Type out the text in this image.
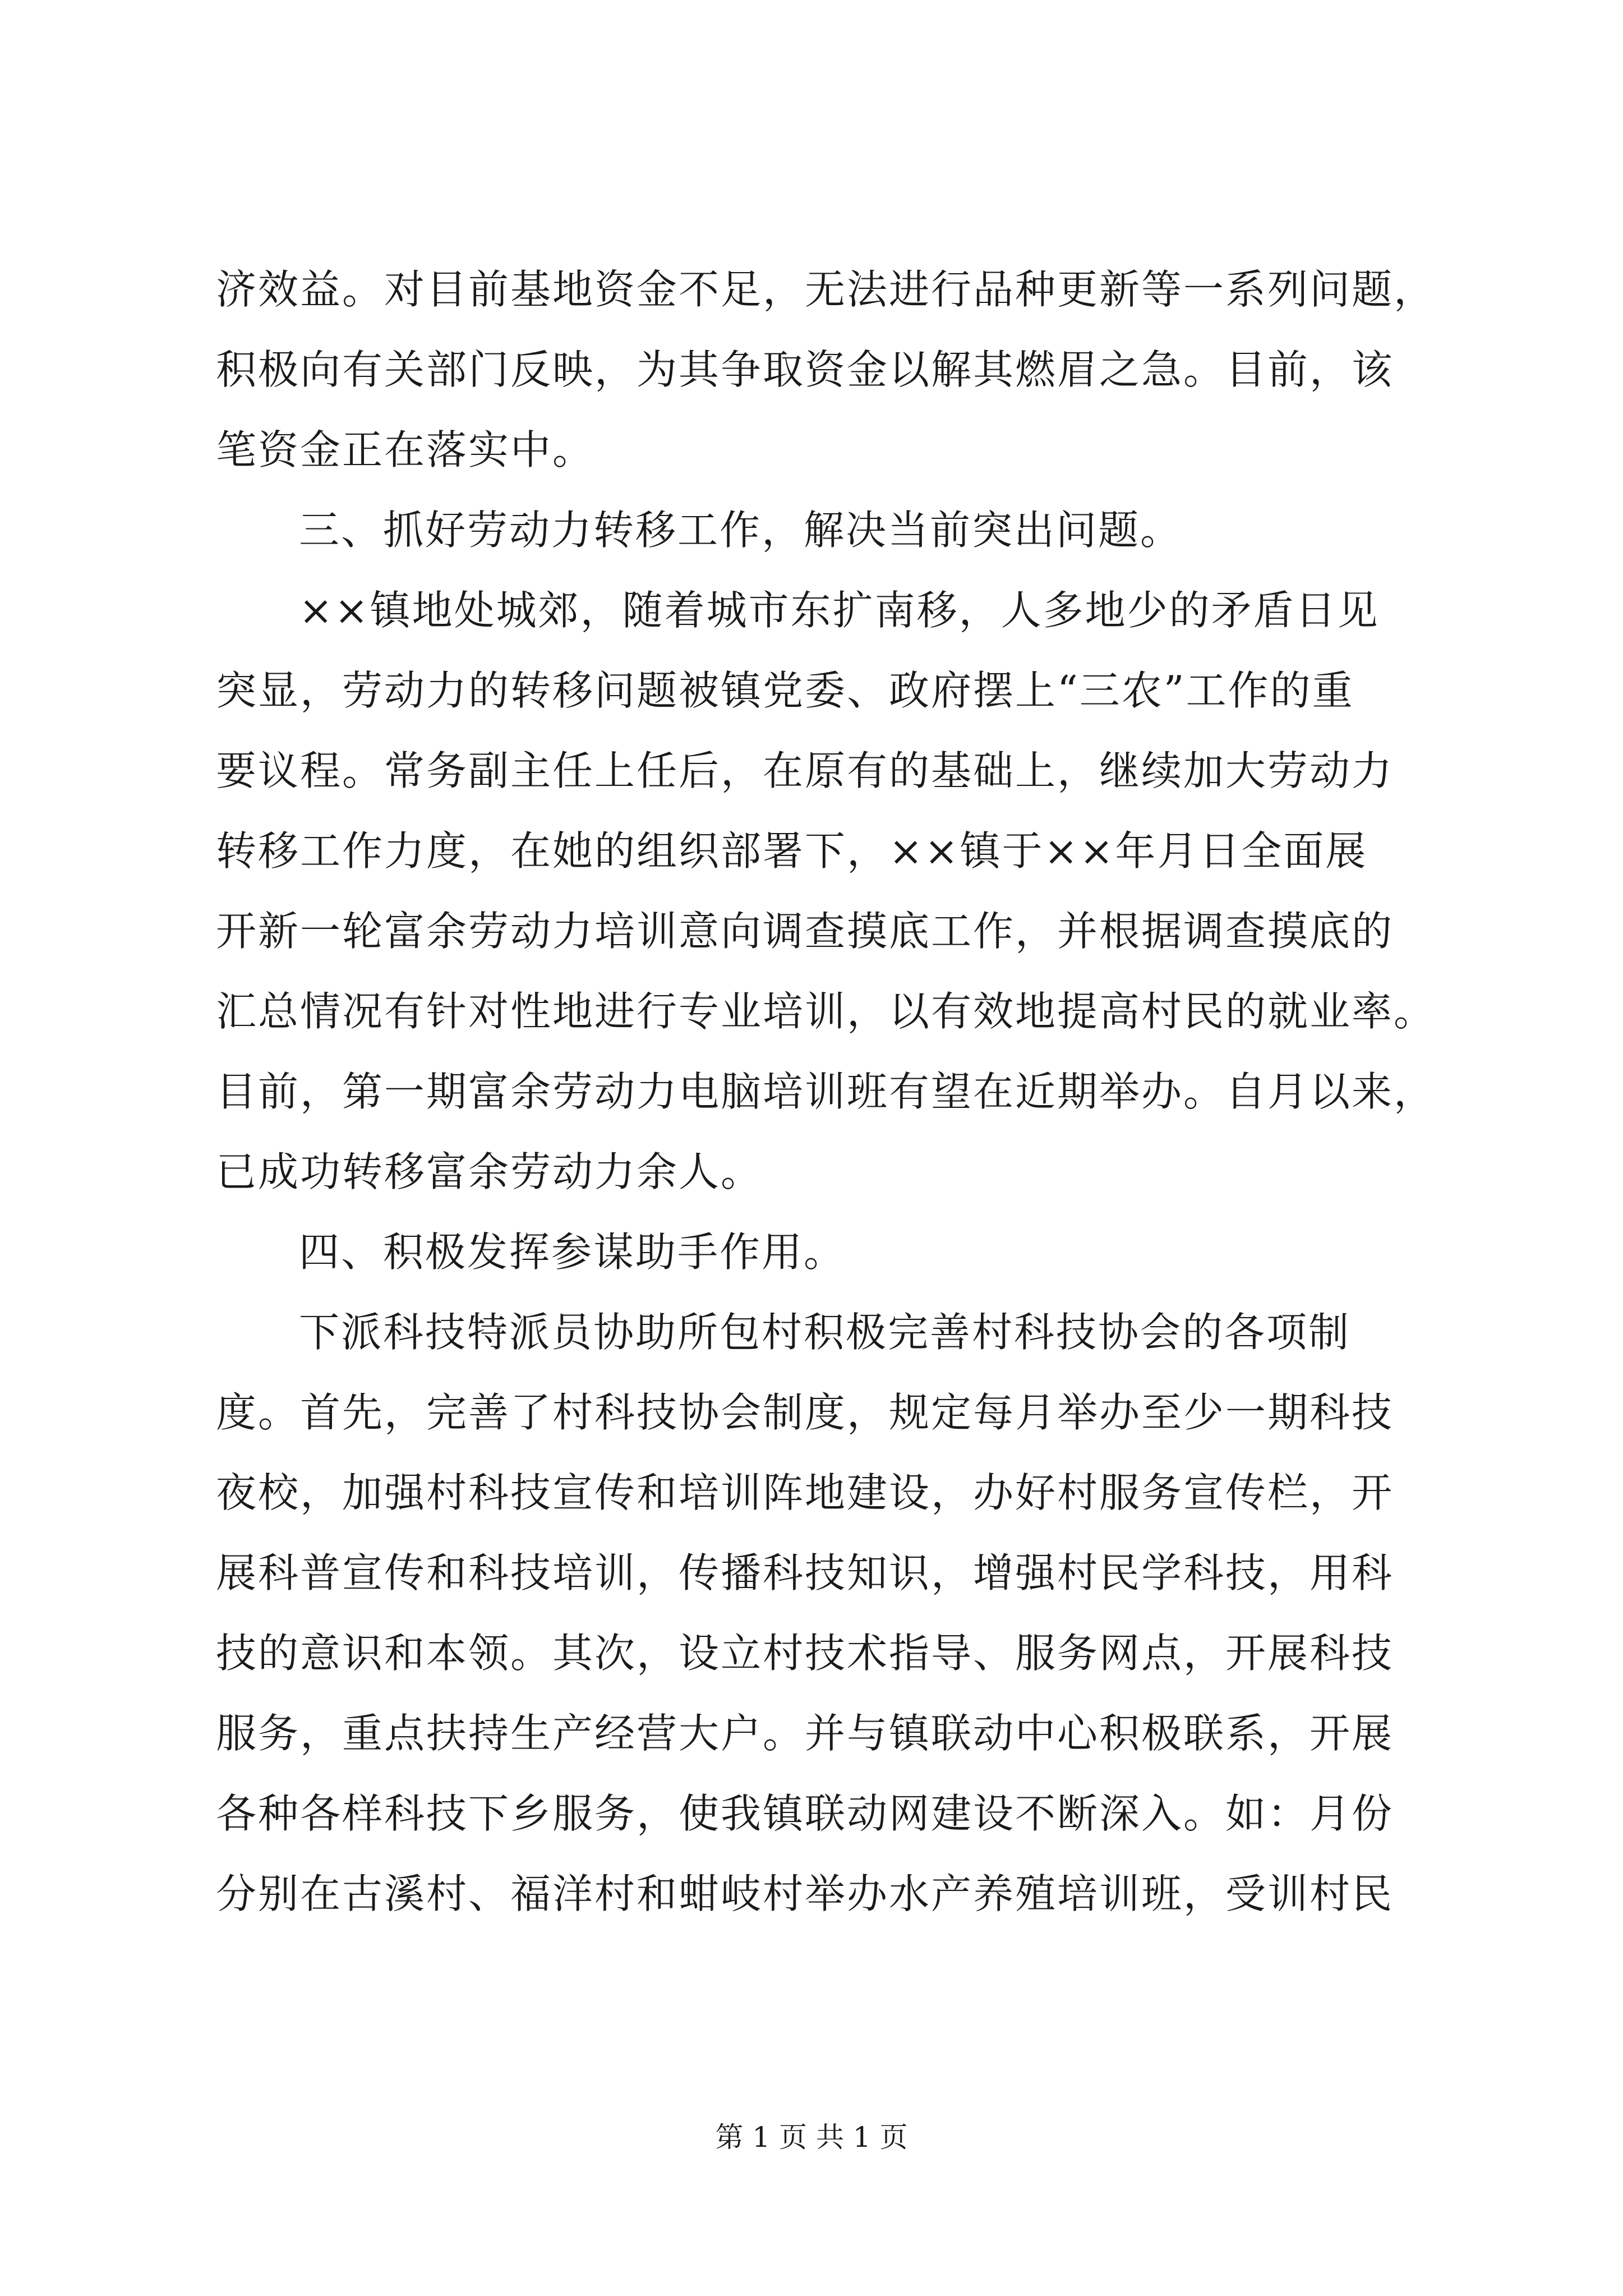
济效益。对目前基地资金不足，无法进行品种更新等一系列问题，
积极向有关部门反映，为其争取资金以解其燃眉之急。目前，该
笔资金正在落实中。
三、抓好劳动力转移工作，解决当前突出问题。
××镇地处城郊，随着城市东扩南移，人多地少的矛盾日见
突显，劳动力的转移问题被镇党委、政府摆上“三农”工作的重
要议程。常务副主任上任后，在原有的基础上，继续加大劳动力
转移工作力度，在她的组织部署下，××镇于××年月日全面展
开新一轮富余劳动力培训意向调查摸底工作，并根据调查摸底的
汇总情况有针对性地进行专业培训，以有效地提高村民的就业率。
目前，第一期富余劳动力电脑培训班有望在近期举办。自月以来，
已成功转移富余劳动力余人。
四、积极发挥参谋助手作用。
下派科技特派员协助所包村积极完善村科技协会的各项制
度。首先，完善了村科技协会制度，规定每月举办至少一期科技
夜校，加强村科技宣传和培训阵地建设，办好村服务宣传栏，开
展科普宣传和科技培训，传播科技知识，增强村民学科技，用科
技的意识和本领。其次，设立村技术指导、服务网点，开展科技
服务，重点扶持生产经营大户。并与镇联动中心积极联系，开展
各种各样科技下乡服务，使我镇联动网建设不断深入。如：月份
分别在古溪村、福洋村和蚶岐村举办水产养殖培训班，受训村民
第 1 页 共 1 页
